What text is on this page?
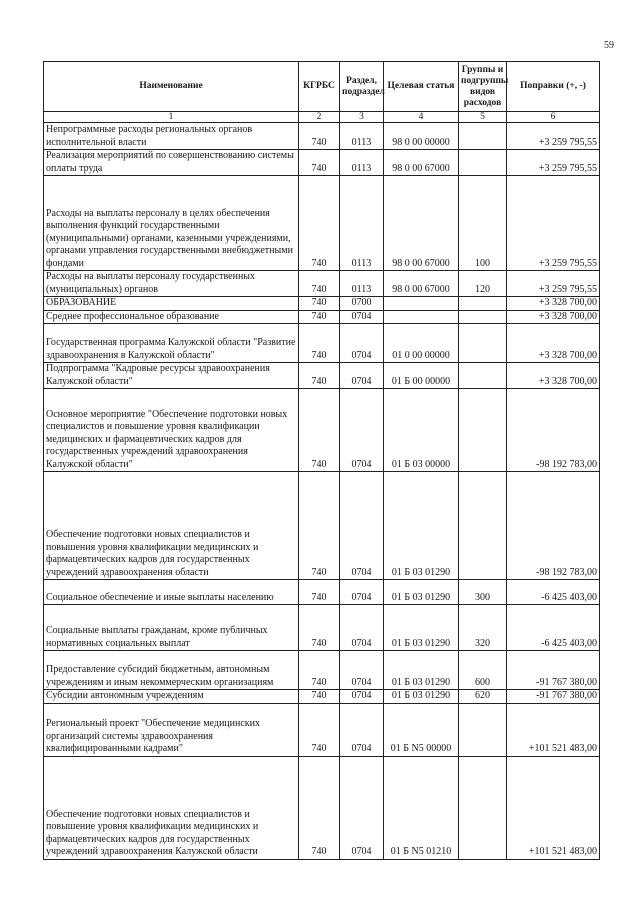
59
Наименование	КГРБС	Раздел, подраздел	Целевая статья	Группы и подгруппы видов расходов	Поправки (+, -)
1	2	3	4	5	6
Непрограммные расходы региональных органов исполнительной власти	740	0113	98 0 00 00000		+3 259 795,55
Реализация мероприятий по совершенствованию системы оплаты труда	740	0113	98 0 00 67000		+3 259 795,55
Расходы на выплаты персоналу в целях обеспечения выполнения функций государственными (муниципальными) органами, казенными учреждениями, органами управления государственными внебюджетными фондами	740	0113	98 0 00 67000	100	+3 259 795,55
Расходы на выплаты персоналу государственных (муниципальных) органов	740	0113	98 0 00 67000	120	+3 259 795,55
ОБРАЗОВАНИЕ	740	0700			+3 328 700,00
Среднее профессиональное образование	740	0704			+3 328 700,00
Государственная программа Калужской области "Развитие здравоохранения в Калужской области"	740	0704	01 0 00 00000		+3 328 700,00
Подпрограмма "Кадровые ресурсы здравоохранения Калужской области"	740	0704	01 Б 00 00000		+3 328 700,00
Основное мероприятие "Обеспечение подготовки новых специалистов и повышение уровня квалификации медицинских и фармацевтических кадров для государственных учреждений здравоохранения Калужской области"	740	0704	01 Б 03 00000		-98 192 783,00
Обеспечение подготовки новых специалистов и повышения уровня квалификации медицинских и фармацевтических кадров для государственных учреждений здравоохранения области	740	0704	01 Б 03 01290		-98 192 783,00
Социальное обеспечение и иные выплаты населению	740	0704	01 Б 03 01290	300	-6 425 403,00
Социальные выплаты гражданам, кроме публичных нормативных социальных выплат	740	0704	01 Б 03 01290	320	-6 425 403,00
Предоставление субсидий бюджетным, автономным учреждениям и иным некоммерческим организациям	740	0704	01 Б 03 01290	600	-91 767 380,00
Субсидии автономным учреждениям	740	0704	01 Б 03 01290	620	-91 767 380,00
Региональный проект "Обеспечение медицинских организаций системы здравоохранения квалифицированными кадрами"	740	0704	01 Б N5 00000		+101 521 483,00
Обеспечение подготовки новых специалистов и повышение уровня квалификации медицинских и фармацевтических кадров для государственных учреждений здравоохранения Калужской области	740	0704	01 Б N5 01210		+101 521 483,00
